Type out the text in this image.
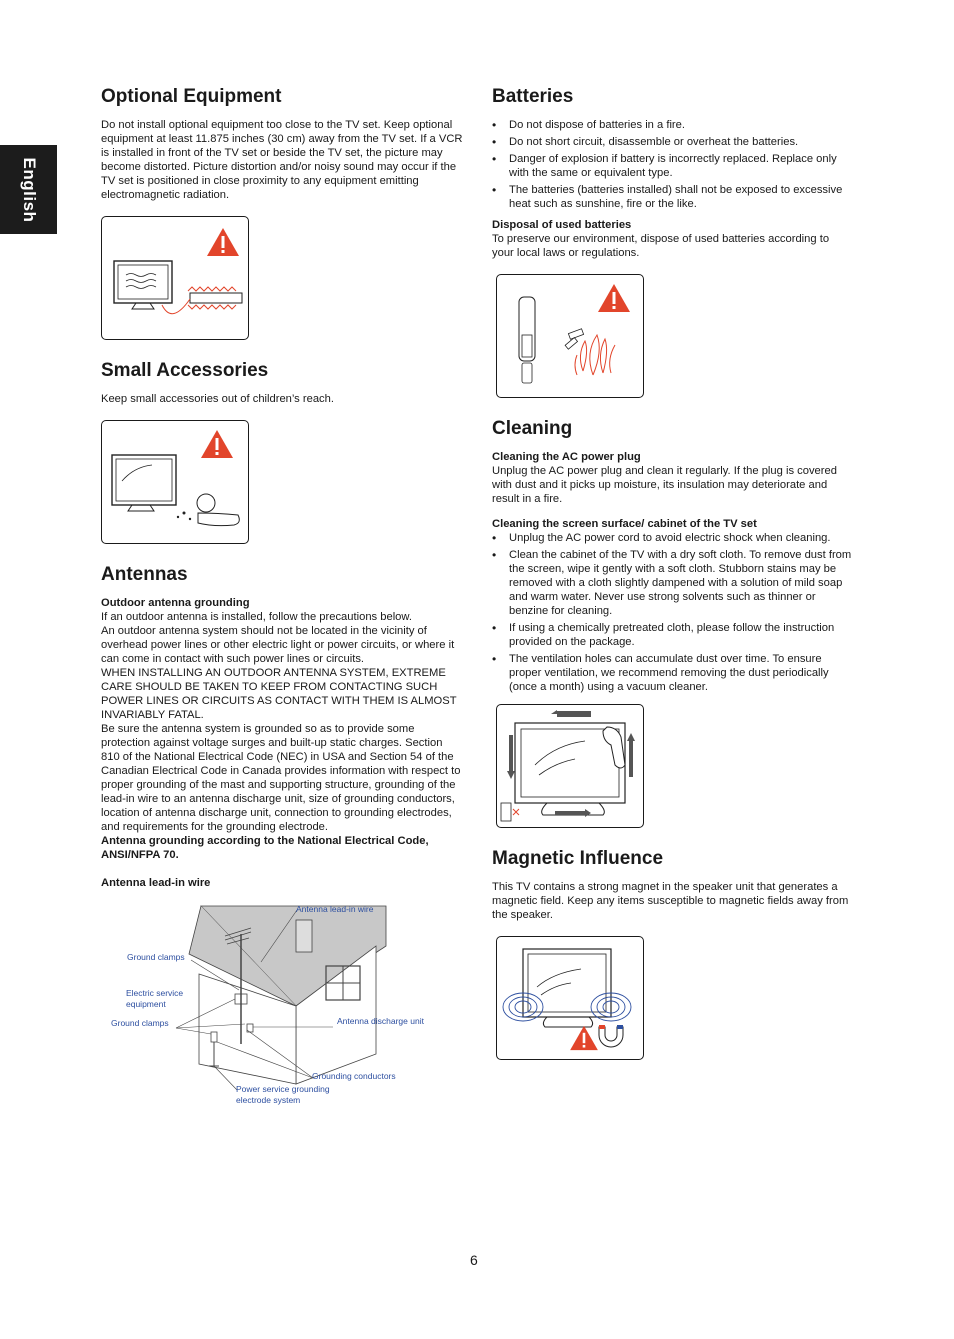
English
Optional Equipment

Do not install optional equipment too close to the TV set. Keep optional equipment at least 11.875 inches (30 cm) away from the TV set. If a VCR is installed in front of the TV set or beside the TV set, the picture may become distorted. Picture distortion and/or noisy sound may occur if the TV set is positioned in close proximity to any equipment emitting electromagnetic radiation.

Small Accessories

Keep small accessories out of children’s reach.

Antennas

Outdoor antenna grounding

If an outdoor antenna is installed, follow the precautions below.

An outdoor antenna system should not be located in the vicinity of overhead power lines or other electric light or power circuits, or where it can come in contact with such power lines or circuits.

WHEN INSTALLING AN OUTDOOR ANTENNA SYSTEM, EXTREME CARE SHOULD BE TAKEN TO KEEP FROM CONTACTING SUCH POWER LINES OR CIRCUITS AS CONTACT WITH THEM IS ALMOST INVARIABLY FATAL.

Be sure the antenna system is grounded so as to provide some protection against voltage surges and built-up static charges. Section 810 of the National Electrical Code (NEC) in USA and Section 54 of the Canadian Electrical Code in Canada provides information with respect to proper grounding of the mast and supporting structure, grounding of the lead-in wire to an antenna discharge unit, size of grounding conductors, location of antenna discharge unit, connection to grounding electrodes, and requirements for the grounding electrode.

Antenna grounding according to the National Electrical Code, ANSI/NFPA 70.

Antenna lead-in wire

Antenna lead-in wire
Ground clamps
Electric service equipment
Ground clamps	Antenna discharge unit
Grounding conductors
Power service grounding electrode system
Batteries
• Do not dispose of batteries in a fire.
• Do not short circuit, disassemble or overheat the batteries.
• Danger of explosion if battery is incorrectly replaced. Replace only with the same or equivalent type.
• The batteries (batteries installed) shall not be exposed to excessive heat such as sunshine, fire or the like.

Disposal of used batteries

To preserve our environment, dispose of used batteries according to your local laws or regulations.

Cleaning

Cleaning the AC power plug

Unplug the AC power plug and clean it regularly. If the plug is covered with dust and it picks up moisture, its insulation may deteriorate and result in a fire.

Cleaning the screen surface/ cabinet of the TV set

• Unplug the AC power cord to avoid electric shock when cleaning.
• Clean the cabinet of the TV with a dry soft cloth. To remove dust from the screen, wipe it gently with a soft cloth. Stubborn stains may be removed with a cloth slightly dampened with a solution of mild soap and warm water. Never use strong solvents such as thinner or benzine for cleaning.
• If using a chemically pretreated cloth, please follow the instruction provided on the package.
• The ventilation holes can accumulate dust over time. To ensure proper ventilation, we recommend removing the dust periodically (once a month) using a vacuum cleaner.
Magnetic Influence

This TV contains a strong magnet in the speaker unit that generates a magnetic field. Keep any items susceptible to magnetic fields away from the speaker.

6
